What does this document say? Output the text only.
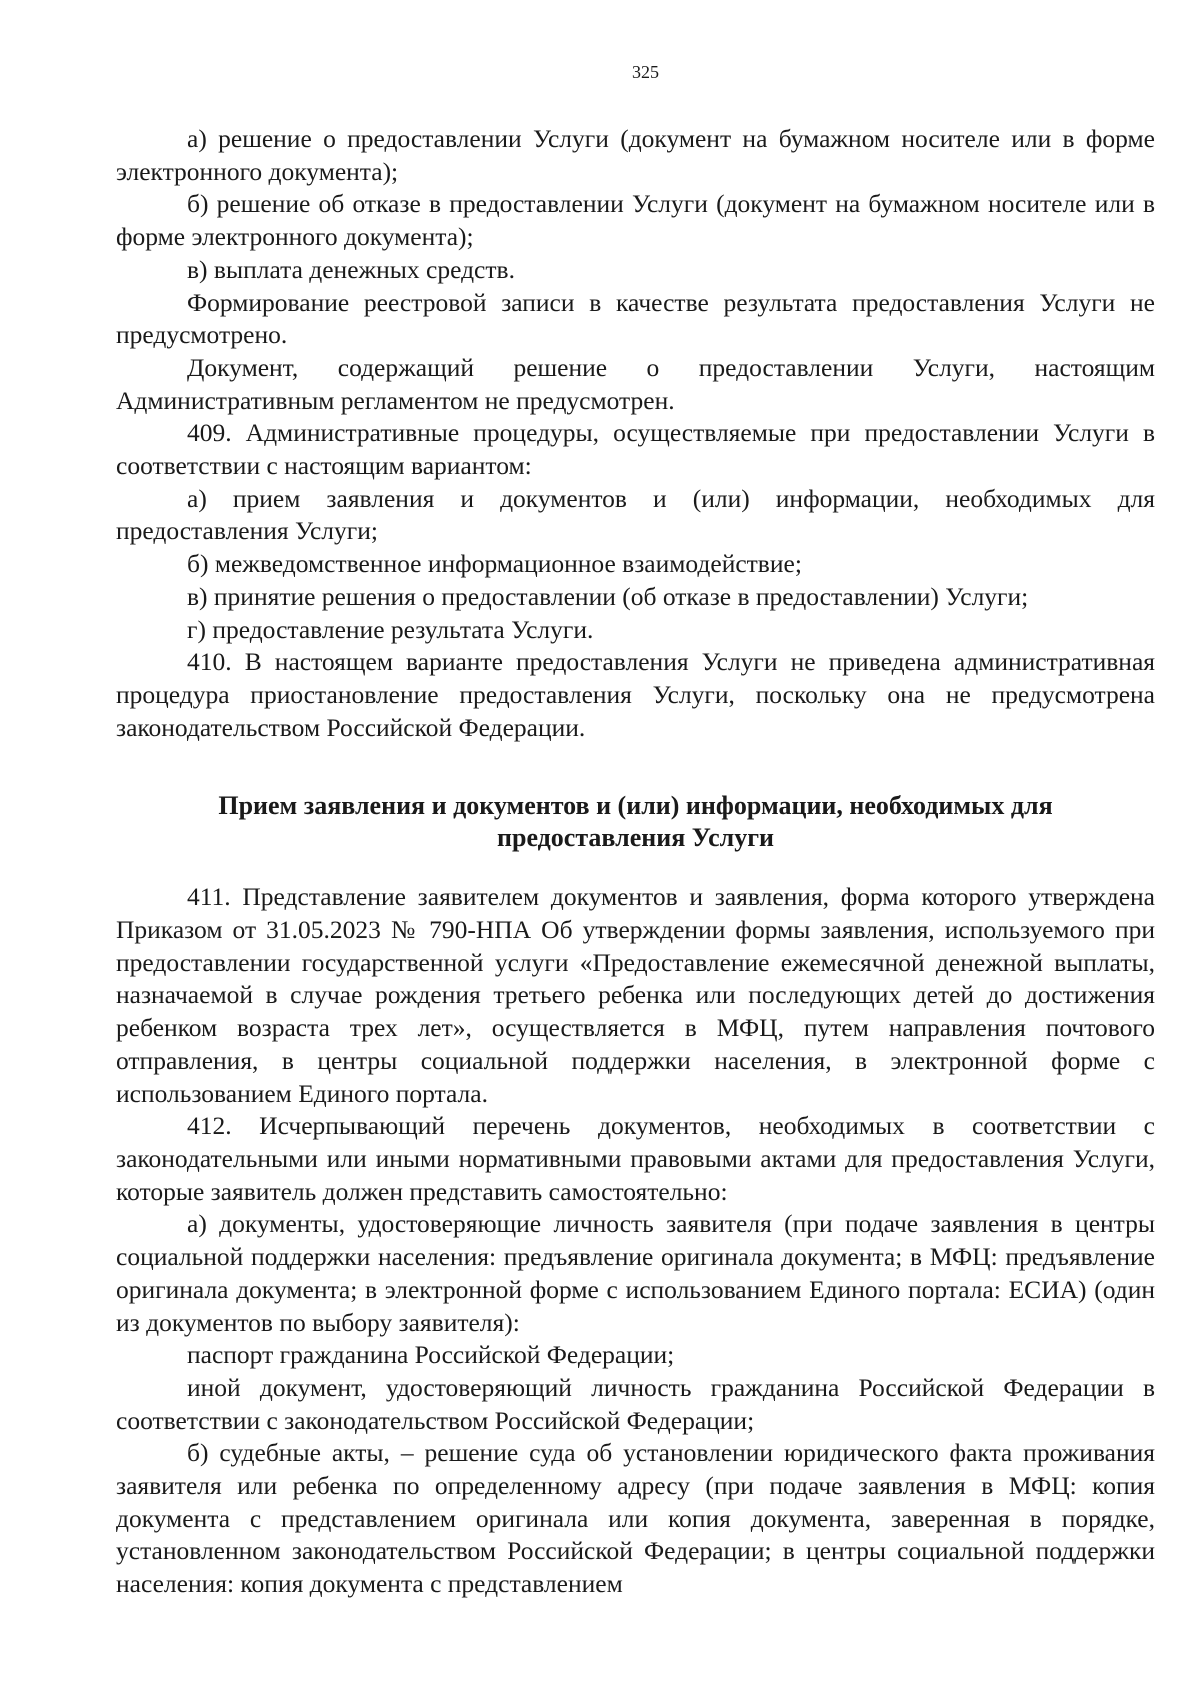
325

а) решение о предоставлении Услуги (документ на бумажном носителе или в форме электронного документа);

б) решение об отказе в предоставлении Услуги (документ на бумажном носителе или в форме электронного документа);

в) выплата денежных средств.

Формирование реестровой записи в качестве результата предоставления Услуги не предусмотрено.

Документ, содержащий решение о предоставлении Услуги, настоящим Административным регламентом не предусмотрен.

409. Административные процедуры, осуществляемые при предоставлении Услуги в соответствии с настоящим вариантом:

а) прием заявления и документов и (или) информации, необходимых для предоставления Услуги;

б) межведомственное информационное взаимодействие;

в) принятие решения о предоставлении (об отказе в предоставлении) Услуги;

г) предоставление результата Услуги.

410. В настоящем варианте предоставления Услуги не приведена административная процедура приостановление предоставления Услуги, поскольку она не предусмотрена законодательством Российской Федерации.

Прием заявления и документов и (или) информации, необходимых для
предоставления Услуги

411. Представление заявителем документов и заявления, форма которого утверждена Приказом от 31.05.2023 № 790-НПА Об утверждении формы заявления, используемого при предоставлении государственной услуги «Предоставление ежемесячной денежной выплаты, назначаемой в случае рождения третьего ребенка или последующих детей до достижения ребенком возраста трех лет», осуществляется в МФЦ, путем направления почтового отправления, в центры социальной поддержки населения, в электронной форме с использованием Единого портала.

412. Исчерпывающий перечень документов, необходимых в соответствии с законодательными или иными нормативными правовыми актами для предоставления Услуги, которые заявитель должен представить самостоятельно:

а) документы, удостоверяющие личность заявителя (при подаче заявления в центры социальной поддержки населения: предъявление оригинала документа; в МФЦ: предъявление оригинала документа; в электронной форме с использованием Единого портала: ЕСИА) (один из документов по выбору заявителя):

паспорт гражданина Российской Федерации;

иной документ, удостоверяющий личность гражданина Российской Федерации в соответствии с законодательством Российской Федерации;

б) судебные акты, – решение суда об установлении юридического факта проживания заявителя или ребенка по определенному адресу (при подаче заявления в МФЦ: копия документа с представлением оригинала или копия документа, заверенная в порядке, установленном законодательством Российской Федерации; в центры социальной поддержки населения: копия документа с представлением
